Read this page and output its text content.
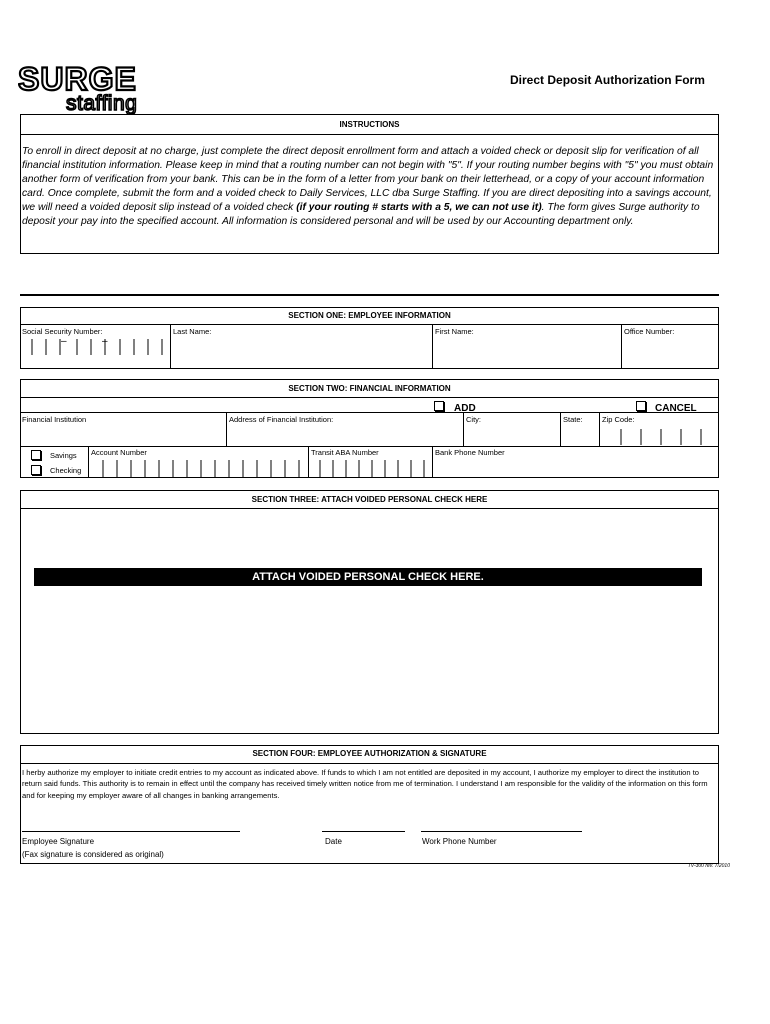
SURGE
staffing
Direct Deposit Authorization Form
INSTRUCTIONS
To enroll in direct deposit at no charge, just complete the direct deposit enrollment form and attach a voided check or deposit slip for verification of all financial institution information. Please keep in mind that a routing number can not begin with "5". If your routing number begins with "5" you must obtain another form of verification from your bank. This can be in the form of a letter from your bank on their letterhead, or a copy of your account information card. Once complete, submit the form and a voided check to Daily Services, LLC dba Surge Staffing. If you are direct depositing into a savings account, we will need a voided deposit slip instead of a voided check (if your routing # starts with a 5, we can not use it). The form gives Surge authority to deposit your pay into the specified account. All information is considered personal and will be used by our Accounting department only.
SECTION ONE: EMPLOYEE INFORMATION
Social Security Number:	Last Name:	First Name:	Office Number:
–	–
SECTION TWO: FINANCIAL INFORMATION
ADD	CANCEL
Financial Institution	Address of Financial Institution:	City:	State:	Zip Code:
Savings
Checking
Account Number	Transit ABA Number	Bank Phone Number
SECTION THREE: ATTACH VOIDED PERSONAL CHECK HERE
ATTACH VOIDED PERSONAL CHECK HERE.
SECTION FOUR: EMPLOYEE AUTHORIZATION & SIGNATURE
I herby authorize my employer to initiate credit entries to my account as indicated above. If funds to which I am not entitled are deposited in my account, I authorize my employer to direct the institution to return said funds. This authority is to remain in effect until the company has received timely written notice from me of termination. I understand I am responsible for the validity of the information on this form and for keeping my employer aware of all changes in banking arrangements.
Employee Signature
(Fax signature is considered as original)
Date	Work Phone Number
TV-300 rev. 7/2010
